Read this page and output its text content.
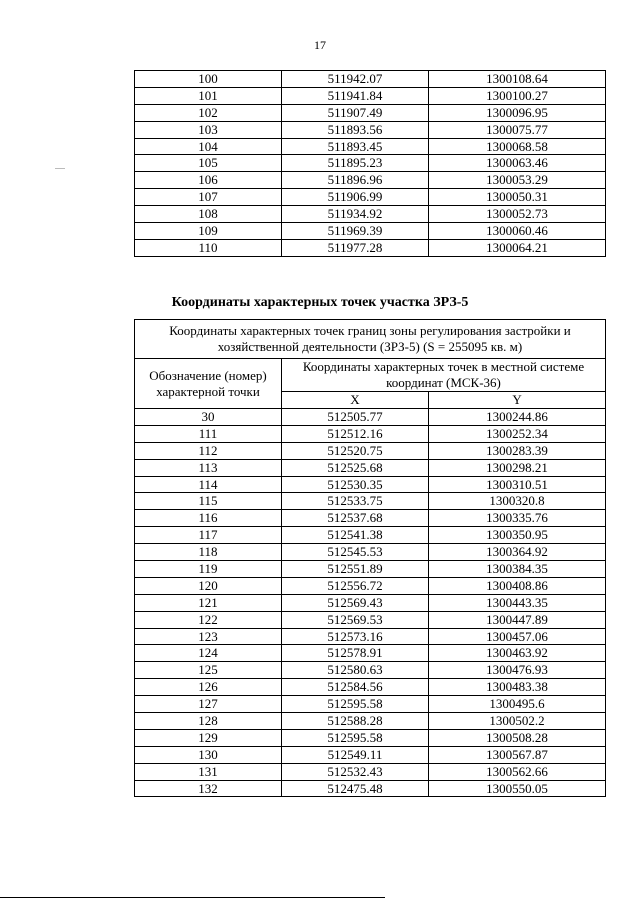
17
100	511942.07	1300108.64
101	511941.84	1300100.27
102	511907.49	1300096.95
103	511893.56	1300075.77
104	511893.45	1300068.58
105	511895.23	1300063.46
106	511896.96	1300053.29
107	511906.99	1300050.31
108	511934.92	1300052.73
109	511969.39	1300060.46
110	511977.28	1300064.21
Координаты характерных точек участка ЗРЗ-5
Координаты характерных точек границ зоны регулирования застройки и хозяйственной деятельности (ЗРЗ-5) (S = 255095 кв. м)		
Обозначение (номер) характерной точки	Координаты характерных точек в местной системе координат (МСК-36)	
	X	Y
30	512505.77	1300244.86
111	512512.16	1300252.34
112	512520.75	1300283.39
113	512525.68	1300298.21
114	512530.35	1300310.51
115	512533.75	1300320.8
116	512537.68	1300335.76
117	512541.38	1300350.95
118	512545.53	1300364.92
119	512551.89	1300384.35
120	512556.72	1300408.86
121	512569.43	1300443.35
122	512569.53	1300447.89
123	512573.16	1300457.06
124	512578.91	1300463.92
125	512580.63	1300476.93
126	512584.56	1300483.38
127	512595.58	1300495.6
128	512588.28	1300502.2
129	512595.58	1300508.28
130	512549.11	1300567.87
131	512532.43	1300562.66
132	512475.48	1300550.05
